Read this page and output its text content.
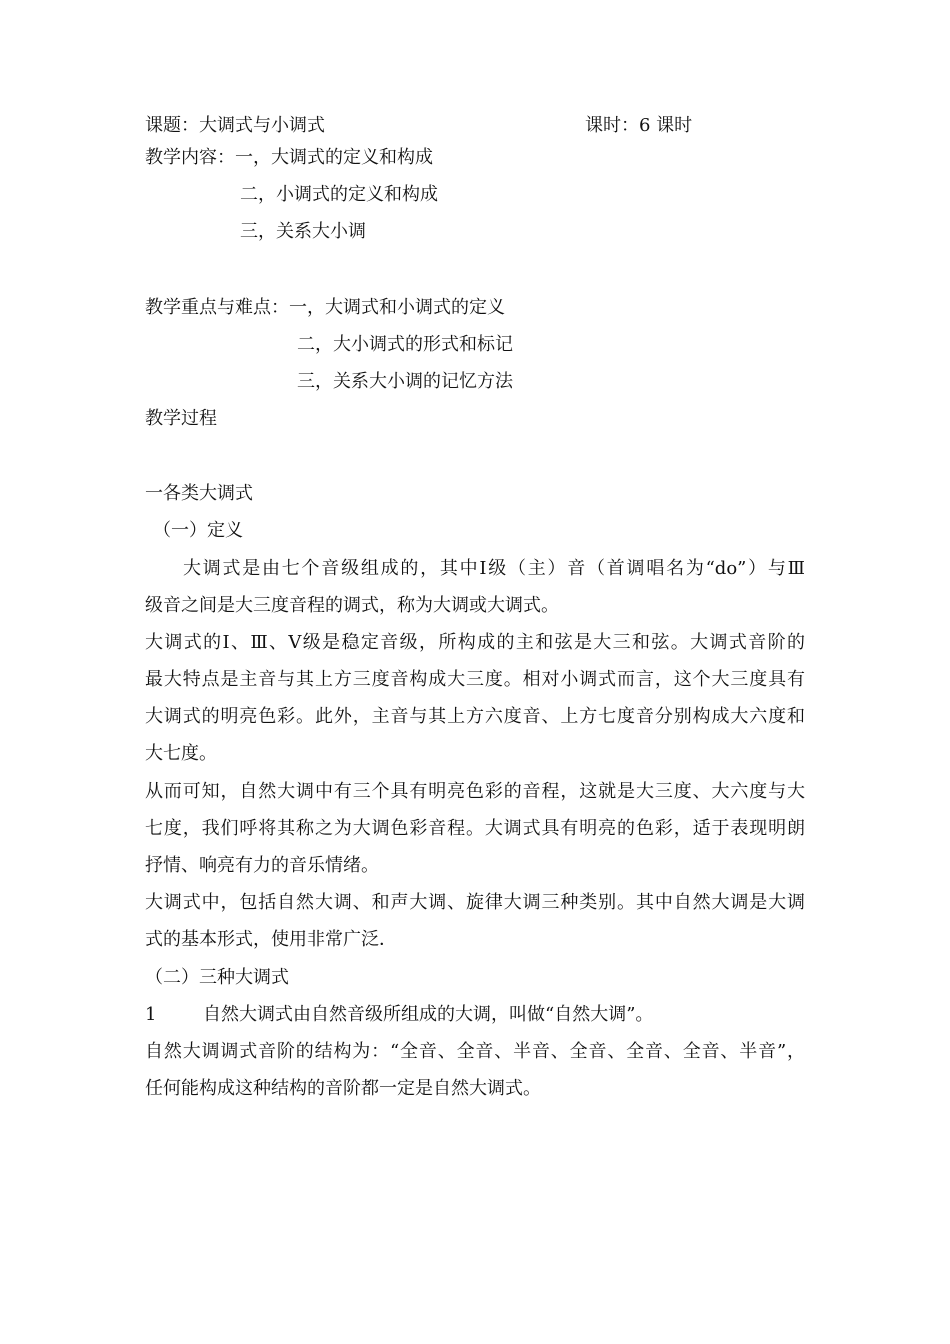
课题：大调式与小调式	课时：6 课时
教学内容：一，大调式的定义和构成
二，小调式的定义和构成
三，关系大小调
教学重点与难点：一，大调式和小调式的定义
二，大小调式的形式和标记
三，关系大小调的记忆方法
教学过程
一各类大调式
（一）定义
大调式是由七个音级组成的，其中Ⅰ级（主）音（首调唱名为“do”）与Ⅲ
级音之间是大三度音程的调式，称为大调或大调式。
大调式的Ⅰ、Ⅲ、Ⅴ级是稳定音级，所构成的主和弦是大三和弦。大调式音阶的
最大特点是主音与其上方三度音构成大三度。相对小调式而言，这个大三度具有
大调式的明亮色彩。此外，主音与其上方六度音、上方七度音分别构成大六度和
大七度。
从而可知，自然大调中有三个具有明亮色彩的音程，这就是大三度、大六度与大
七度，我们呼将其称之为大调色彩音程。大调式具有明亮的色彩，适于表现明朗
抒情、响亮有力的音乐情绪。
大调式中，包括自然大调、和声大调、旋律大调三种类别。其中自然大调是大调
式的基本形式，使用非常广泛．
（二）三种大调式
1	自然大调式由自然音级所组成的大调，叫做“自然大调”。
自然大调调式音阶的结构为：“全音、全音、半音、全音、全音、全音、半音”，
任何能构成这种结构的音阶都一定是自然大调式。
